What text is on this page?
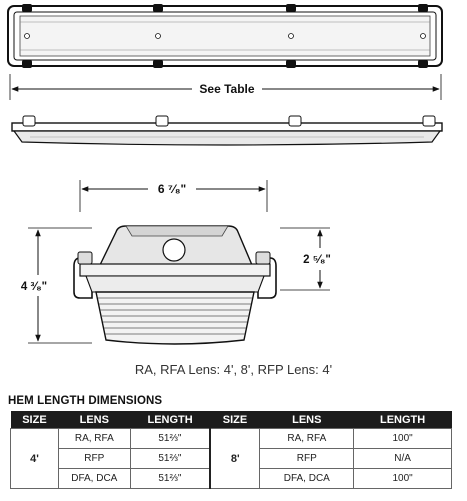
See Table
6 ⁷⁄₈"
4 ³⁄₈"
2 ⁵⁄₈"
RA, RFA Lens: 4', 8', RFP Lens: 4'
HEM LENGTH DIMENSIONS
SIZE	LENS	LENGTH	SIZE	LENS	LENGTH
4'	RA, RFA	51⅔"	8'	RA, RFA	100"
	RFP	51⅔"		RFP	N/A
	DFA, DCA	51⅔"		DFA, DCA	100"
